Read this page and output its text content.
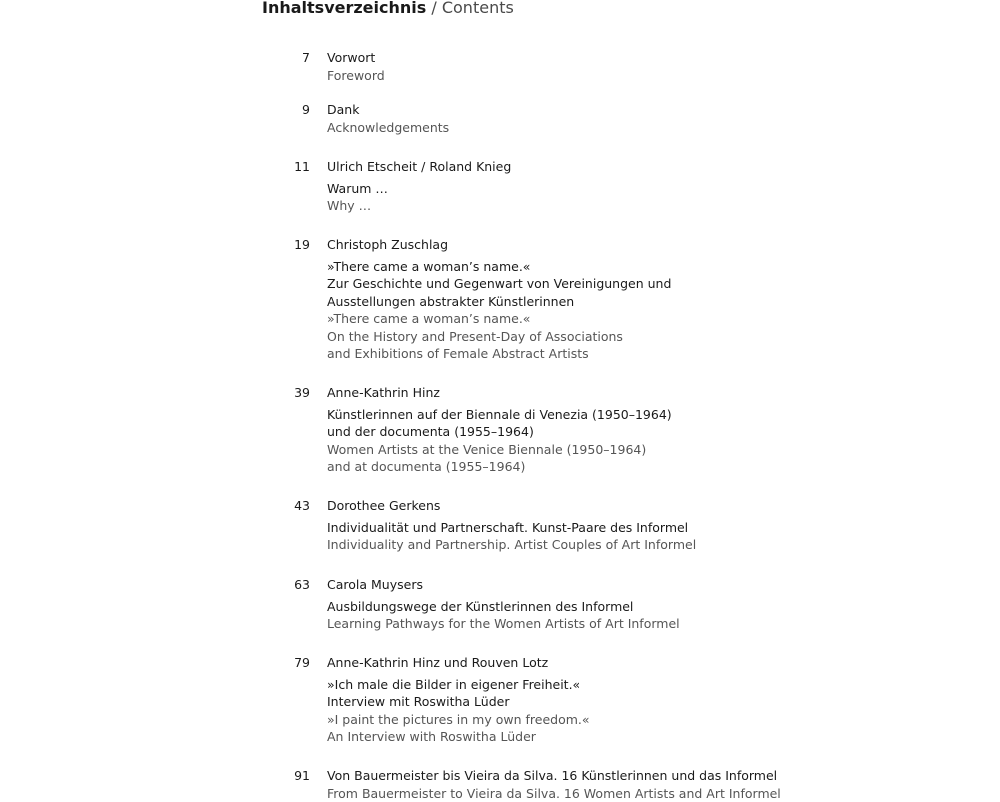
Inhaltsverzeichnis / Contents
7 Vorwort
Foreword
9 Dank
Acknowledgements
11 Ulrich Etscheit / Roland Knieg
Warum …
Why …
19 Christoph Zuschlag
»There came a woman’s name.«
Zur Geschichte und Gegenwart von Vereinigungen und
Ausstellungen abstrakter Künstlerinnen
»There came a woman’s name.«
On the History and Present-Day of Associations
and Exhibitions of Female Abstract Artists
39 Anne-Kathrin Hinz
Künstlerinnen auf der Biennale di Venezia (1950–1964)
und der documenta (1955–1964)
Women Artists at the Venice Biennale (1950–1964)
and at documenta (1955–1964)
43 Dorothee Gerkens
Individualität und Partnerschaft. Kunst-Paare des Informel
Individuality and Partnership. Artist Couples of Art Informel
63 Carola Muysers
Ausbildungswege der Künstlerinnen des Informel
Learning Pathways for the Women Artists of Art Informel
79 Anne-Kathrin Hinz und Rouven Lotz
»Ich male die Bilder in eigener Freiheit.«
Interview mit Roswitha Lüder
»I paint the pictures in my own freedom.«
An Interview with Roswitha Lüder
91 Von Bauermeister bis Vieira da Silva. 16 Künstlerinnen und das Informel
From Bauermeister to Vieira da Silva. 16 Women Artists and Art Informel
